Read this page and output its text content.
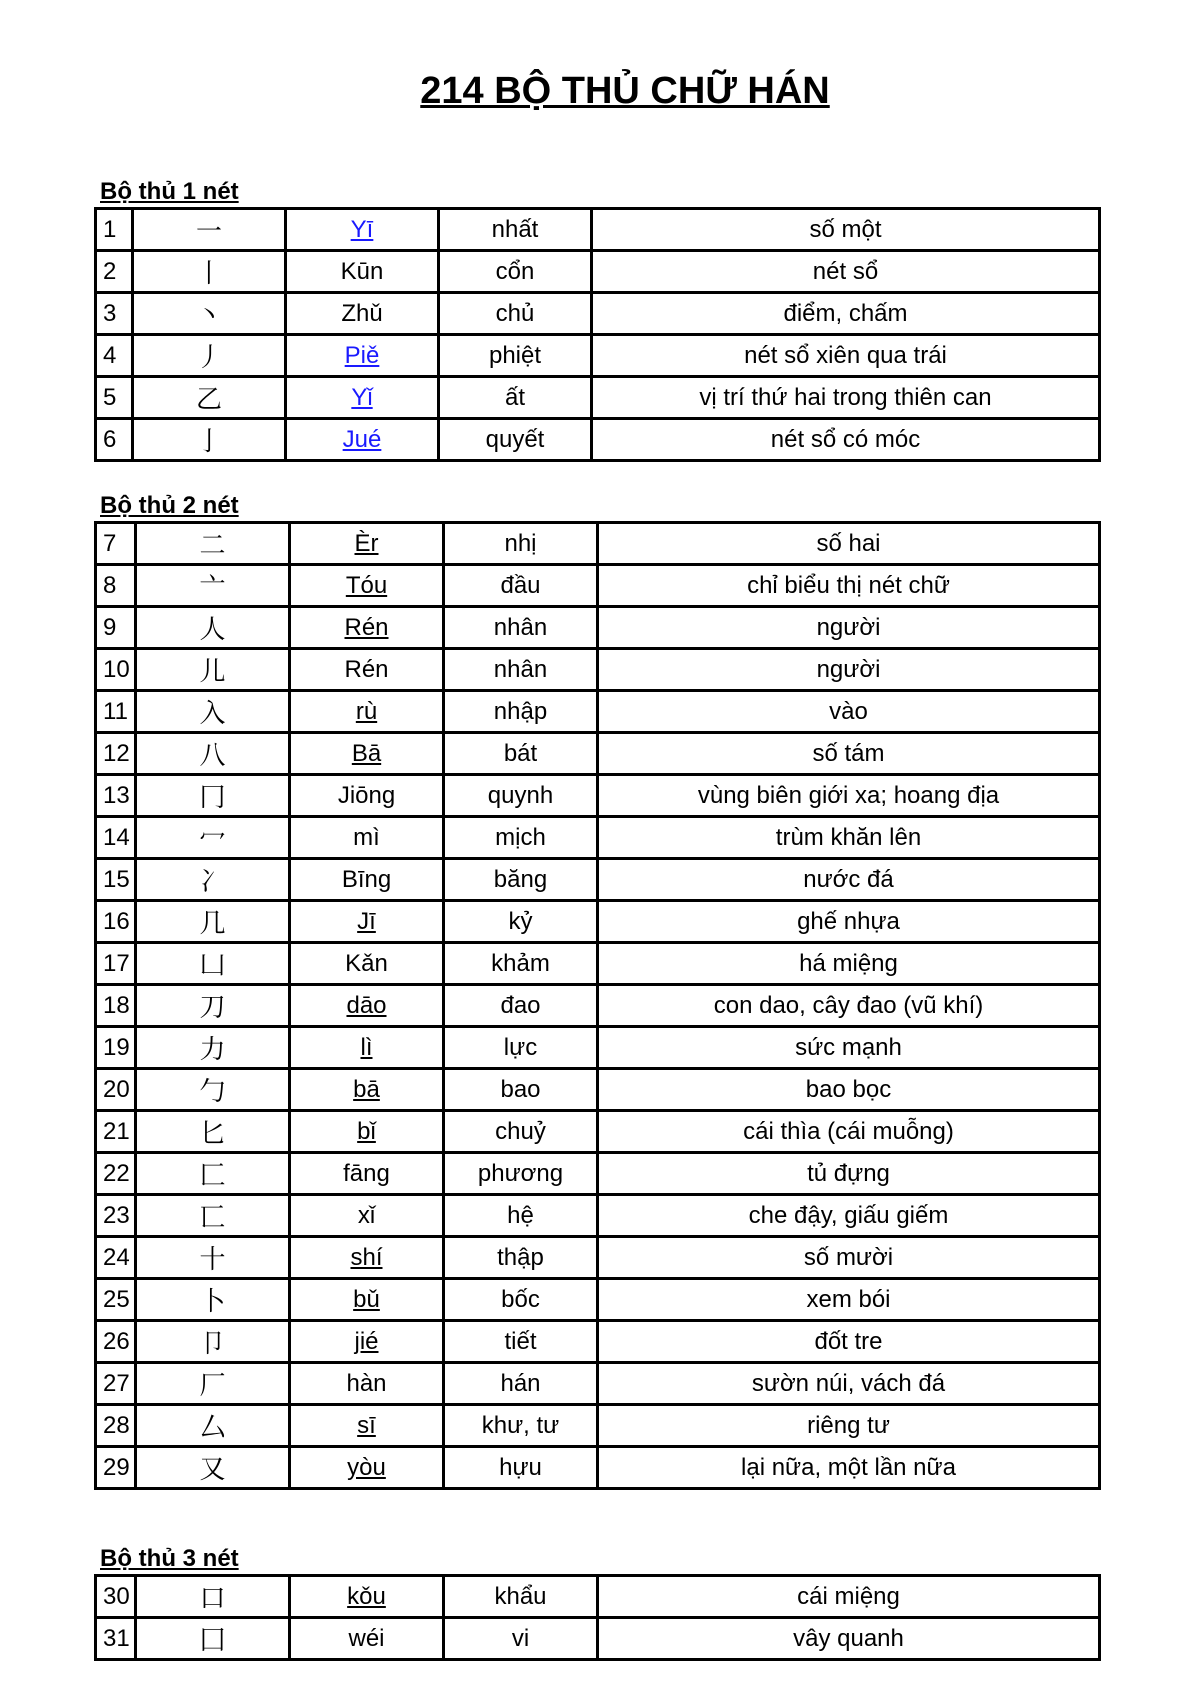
214 BỘ THỦ CHỮ HÁN
Bộ thủ 1 nét
1	一	Yī	nhất	số một
2	丨	Kūn	cổn	nét sổ
3	丶	Zhǔ	chủ	điểm, chấm
4	丿	Piě	phiệt	nét sổ xiên qua trái
5	乙	Yǐ	ất	vị trí thứ hai trong thiên can
6	亅	Jué	quyết	nét sổ có móc
Bộ thủ 2 nét
7	二	Èr	nhị	số hai
8	亠	Tóu	đầu	chỉ biểu thị nét chữ
9	人	Rén	nhân	người
10	儿	Rén	nhân	người
11	入	rù	nhập	vào
12	八	Bā	bát	số tám
13	冂	Jiōng	quynh	vùng biên giới xa; hoang địa
14	冖	mì	mịch	trùm khăn lên
15	冫	Bīng	băng	nước đá
16	几	Jī	kỷ	ghế nhựa
17	凵	Kǎn	khảm	há miệng
18	刀	dāo	đao	con dao, cây đao (vũ khí)
19	力	lì	lực	sức mạnh
20	勹	bā	bao	bao bọc
21	匕	bǐ	chuỷ	cái thìa (cái muỗng)
22	匚	fāng	phương	tủ đựng
23	匸	xǐ	hệ	che đậy, giấu giếm
24	十	shí	thập	số mười
25	卜	bǔ	bốc	xem bói
26	卩	jié	tiết	đốt tre
27	厂	hàn	hán	sườn núi, vách đá
28	厶	sī	khư, tư	riêng tư
29	又	yòu	hựu	lại nữa, một lần nữa
Bộ thủ 3 nét
30	口	kǒu	khẩu	cái miệng
31	囗	wéi	vi	vây quanh
